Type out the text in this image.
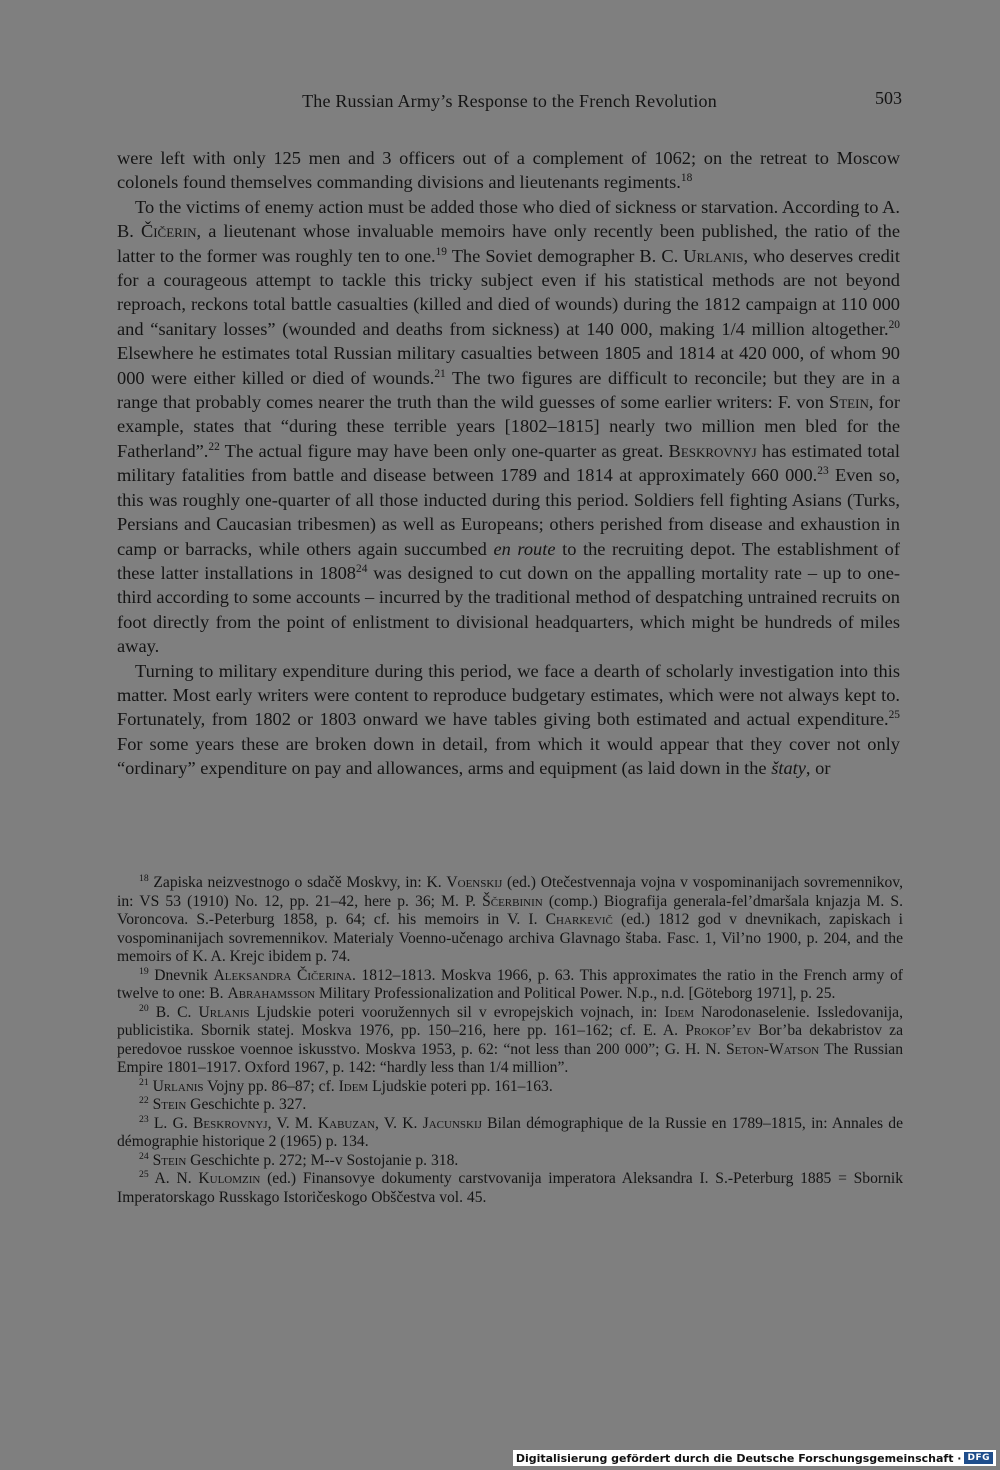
The Russian Army’s Response to the French Revolution	503

were left with only 125 men and 3 officers out of a complement of 1062; on the retreat to Moscow colonels found themselves commanding divisions and lieutenants regiments.$^{18}$

To the victims of enemy action must be added those who died of sickness or starvation. According to A. B. Čičerin, a lieutenant whose invaluable memoirs have only recently been published, the ratio of the latter to the former was roughly ten to one.$^{19}$ The Soviet demographer B. C. Urlanis, who deserves credit for a courageous attempt to tackle this tricky subject even if his statistical methods are not beyond reproach, reckons total battle casualties (killed and died of wounds) during the 1812 campaign at 110 000 and “sanitary losses” (wounded and deaths from sickness) at 140 000, making 1/4 million altogether.$^{20}$ Elsewhere he estimates total Russian military casualties between 1805 and 1814 at 420 000, of whom 90 000 were either killed or died of wounds.$^{21}$ The two figures are difficult to reconcile; but they are in a range that probably comes nearer the truth than the wild guesses of some earlier writers: F. von Stein, for example, states that “during these terrible years [1802–1815] nearly two million men bled for the Fatherland”.$^{22}$ The actual figure may have been only one-quarter as great. Beskrovnyj has estimated total military fatalities from battle and disease between 1789 and 1814 at approximately 660 000.23 Even so, this was roughly one-quarter of all those inducted during this period. Soldiers fell fighting Asians (Turks, Persians and Caucasian tribesmen) as well as Europeans; others perished from disease and exhaustion in camp or barracks, while others again succumbed en route to the recruiting depot. The establishment of these latter installations in 1808$^{24}$ was designed to cut down on the appalling mortality rate – up to one-third according to some accounts – incurred by the traditional method of despatching untrained recruits on foot directly from the point of enlistment to divisional headquarters, which might be hundreds of miles away.

Turning to military expenditure during this period, we face a dearth of scholarly investigation into this matter. Most early writers were content to reproduce budgetary estimates, which were not always kept to. Fortunately, from 1802 or 1803 onward we have tables giving both estimated and actual expenditure.$^{25}$ For some years these are broken down in detail, from which it would appear that they cover not only “ordinary” expenditure on pay and allowances, arms and equipment (as laid down in the štaty, or

$^{18}$ Zapiska neizvestnogo o sdačě Moskvy, in: K. Voenskij (ed.) Otečestvennaja vojna v vospominanijach sovremennikov, in: VS 53 (1910) No. 12, pp. 21–42, here p. 36; M. P. Ščerbinin (comp.) Biografija generala-fel’dmaršala knjazja M. S. Voroncova. S.-Peterburg 1858, p. 64; cf. his memoirs in V. I. Charkevič (ed.) 1812 god v dnevnikach, zapiskach i vospominanijach sovremennikov. Materialy Voenno-učenago archiva Glavnago štaba. Fasc. 1, Vil’no 1900, p. 204, and the memoirs of K. A. Krejc ibidem p. 74.

$^{19}$ Dnevnik Aleksandra Čičerina. 1812–1813. Moskva 1966, p. 63. This approximates the ratio in the French army of twelve to one: B. Abrahamsson Military Professionalization and Political Power. N.p., n.d. [Göteborg 1971], p. 25.

$^{20}$ B. C. Urlanis Ljudskie poteri vooružennych sil v evropejskich vojnach, in: Idem Narodonaselenie. Issledovanija, publicistika. Sbornik statej. Moskva 1976, pp. 150–216, here pp. 161–162; cf. E. A. Prokof’ev Bor’ba dekabristov za peredovoe russkoe voennoe iskusstvo. Moskva 1953, p. 62: “not less than 200 000”; G. H. N. Seton-Watson The Russian Empire 1801–1917. Oxford 1967, p. 142: “hardly less than 1/4 million”.

$^{21}$ Urlanis Vojny pp. 86–87; cf. Idem Ljudskie poteri pp. 161–163.

$^{22}$ Stein Geschichte p. 327.

$^{23}$ L. G. Beskrovnyj, V. M. Kabuzan, V. K. Jacunskij Bilan démographique de la Russie en 1789–1815, in: Annales de démographie historique 2 (1965) p. 134.

$^{24}$ Stein Geschichte p. 272; M--v Sostojanie p. 318.

$^{25}$ A. N. Kulomzin (ed.) Finansovye dokumenty carstvovanija imperatora Aleksandra I. S.-Peterburg 1885 = Sbornik Imperatorskago Russkago Istoričeskogo Obščestva vol. 45.

Digitalisierung gefördert durch die Deutsche Forschungsgemeinschaft · DFG
